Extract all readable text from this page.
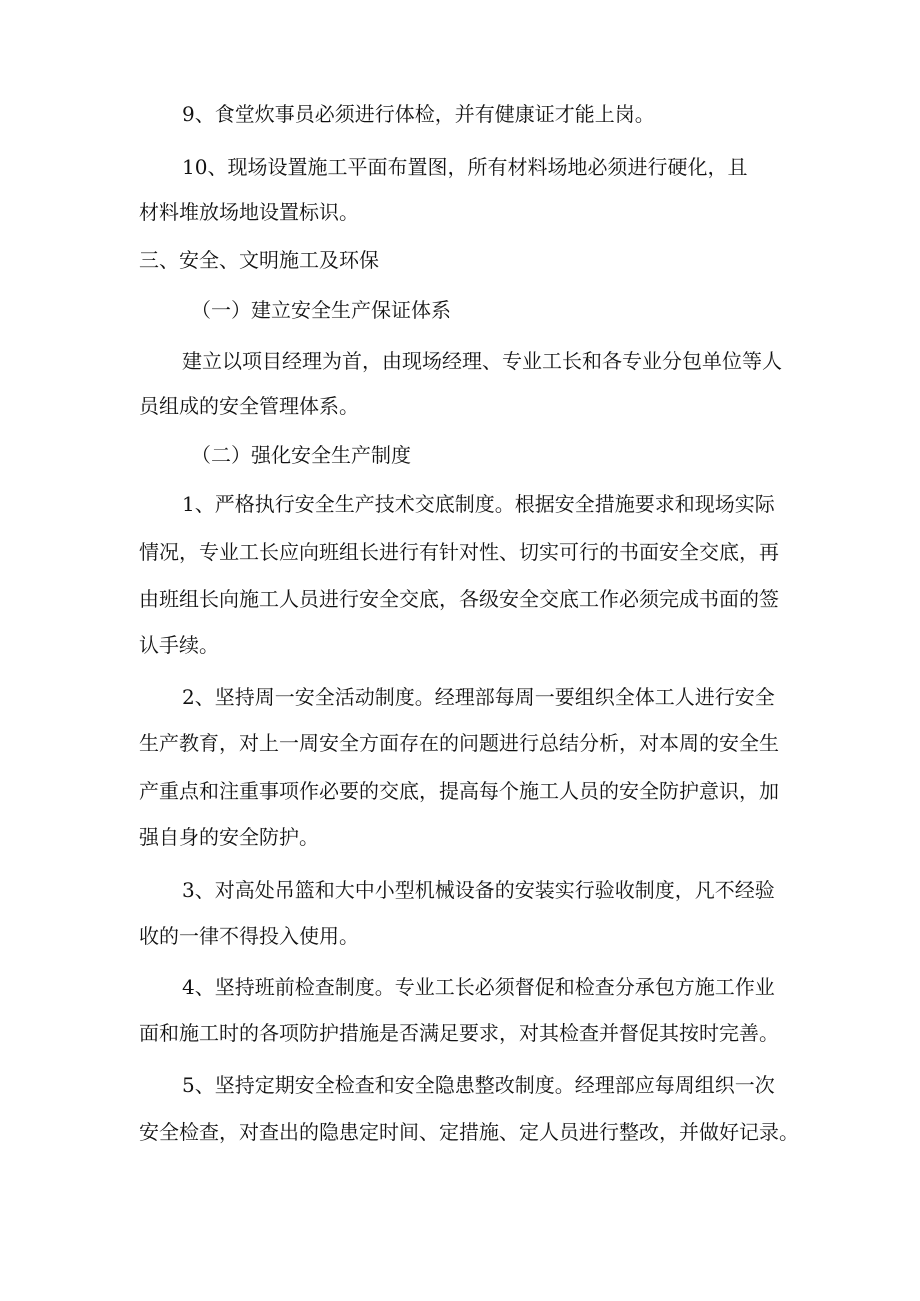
9、食堂炊事员必须进行体检，并有健康证才能上岗。
10、现场设置施工平面布置图，所有材料场地必须进行硬化，且
材料堆放场地设置标识。
三、安全、文明施工及环保
（一）建立安全生产保证体系
建立以项目经理为首，由现场经理、专业工长和各专业分包单位等人
员组成的安全管理体系。
（二）强化安全生产制度
1、严格执行安全生产技术交底制度。根据安全措施要求和现场实际
情况，专业工长应向班组长进行有针对性、切实可行的书面安全交底，再
由班组长向施工人员进行安全交底，各级安全交底工作必须完成书面的签
认手续。
2、坚持周一安全活动制度。经理部每周一要组织全体工人进行安全
生产教育，对上一周安全方面存在的问题进行总结分析，对本周的安全生
产重点和注重事项作必要的交底，提高每个施工人员的安全防护意识，加
强自身的安全防护。
3、对高处吊篮和大中小型机械设备的安装实行验收制度，凡不经验
收的一律不得投入使用。
4、坚持班前检查制度。专业工长必须督促和检查分承包方施工作业
面和施工时的各项防护措施是否满足要求，对其检查并督促其按时完善。
5、坚持定期安全检查和安全隐患整改制度。经理部应每周组织一次
安全检查，对查出的隐患定时间、定措施、定人员进行整改，并做好记录。
